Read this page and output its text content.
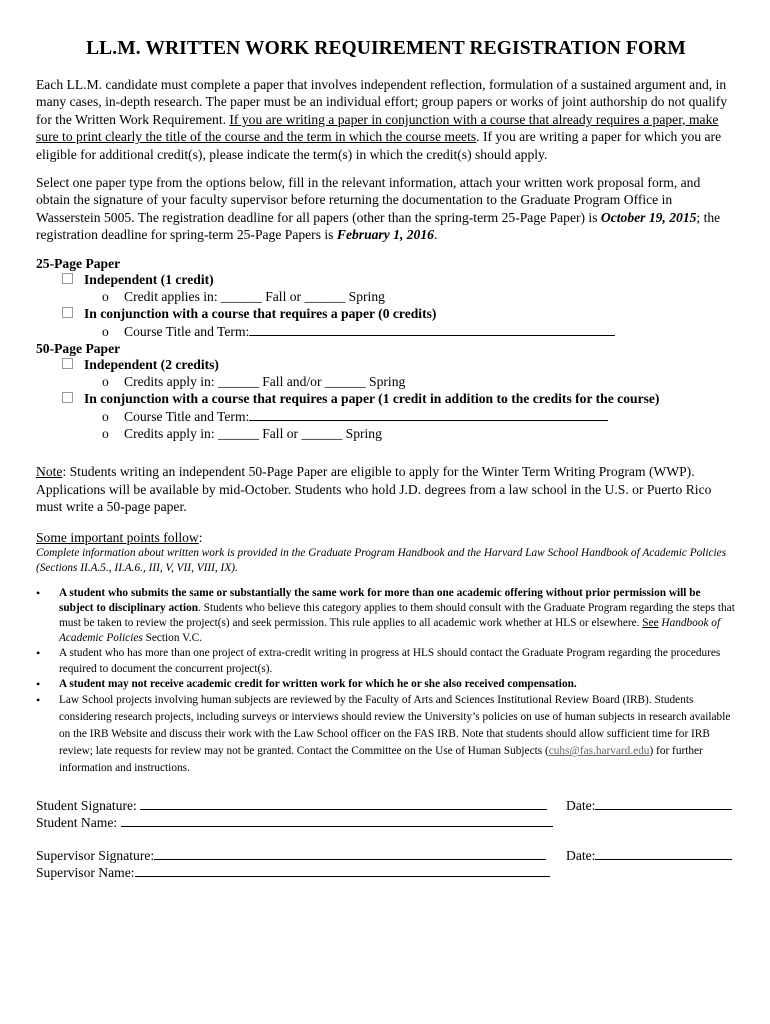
LL.M. WRITTEN WORK REQUIREMENT REGISTRATION FORM
Each LL.M. candidate must complete a paper that involves independent reflection, formulation of a sustained argument and, in many cases, in-depth research. The paper must be an individual effort; group papers or works of joint authorship do not qualify for the Written Work Requirement. If you are writing a paper in conjunction with a course that already requires a paper, make sure to print clearly the title of the course and the term in which the course meets. If you are writing a paper for which you are eligible for additional credit(s), please indicate the term(s) in which the credit(s) should apply.
Select one paper type from the options below, fill in the relevant information, attach your written work proposal form, and obtain the signature of your faculty supervisor before returning the documentation to the Graduate Program Office in Wasserstein 5005. The registration deadline for all papers (other than the spring-term 25-Page Paper) is October 19, 2015; the registration deadline for spring-term 25-Page Papers is February 1, 2016.
25-Page Paper
Independent (1 credit)
o Credit applies in: ______ Fall or ______ Spring
In conjunction with a course that requires a paper (0 credits)
o Course Title and Term:
50-Page Paper
Independent (2 credits)
o Credits apply in: ______ Fall and/or ______ Spring
In conjunction with a course that requires a paper (1 credit in addition to the credits for the course)
o Course Title and Term:
o Credits apply in: ______ Fall or ______ Spring
Note: Students writing an independent 50-Page Paper are eligible to apply for the Winter Term Writing Program (WWP). Applications will be available by mid-October. Students who hold J.D. degrees from a law school in the U.S. or Puerto Rico must write a 50-page paper.
Some important points follow:
Complete information about written work is provided in the Graduate Program Handbook and the Harvard Law School Handbook of Academic Policies (Sections II.A.5., II.A.6., III, V, VII, VIII, IX).
• A student who submits the same or substantially the same work for more than one academic offering without prior permission will be subject to disciplinary action. Students who believe this category applies to them should consult with the Graduate Program regarding the steps that must be taken to review the project(s) and seek permission. This rule applies to all academic work whether at HLS or elsewhere. See Handbook of Academic Policies Section V.C.
• A student who has more than one project of extra-credit writing in progress at HLS should contact the Graduate Program regarding the procedures required to document the concurrent project(s).
• A student may not receive academic credit for written work for which he or she also received compensation.
• Law School projects involving human subjects are reviewed by the Faculty of Arts and Sciences Institutional Review Board (IRB). Students considering research projects, including surveys or interviews should review the University’s policies on use of human subjects in research available on the IRB Website and discuss their work with the Law School officer on the FAS IRB. Note that students should allow sufficient time for IRB review; late requests for review may not be granted. Contact the Committee on the Use of Human Subjects (cuhs@fas.harvard.edu) for further information and instructions.
Student Signature:	Date:
Student Name:
Supervisor Signature:	Date:
Supervisor Name:
